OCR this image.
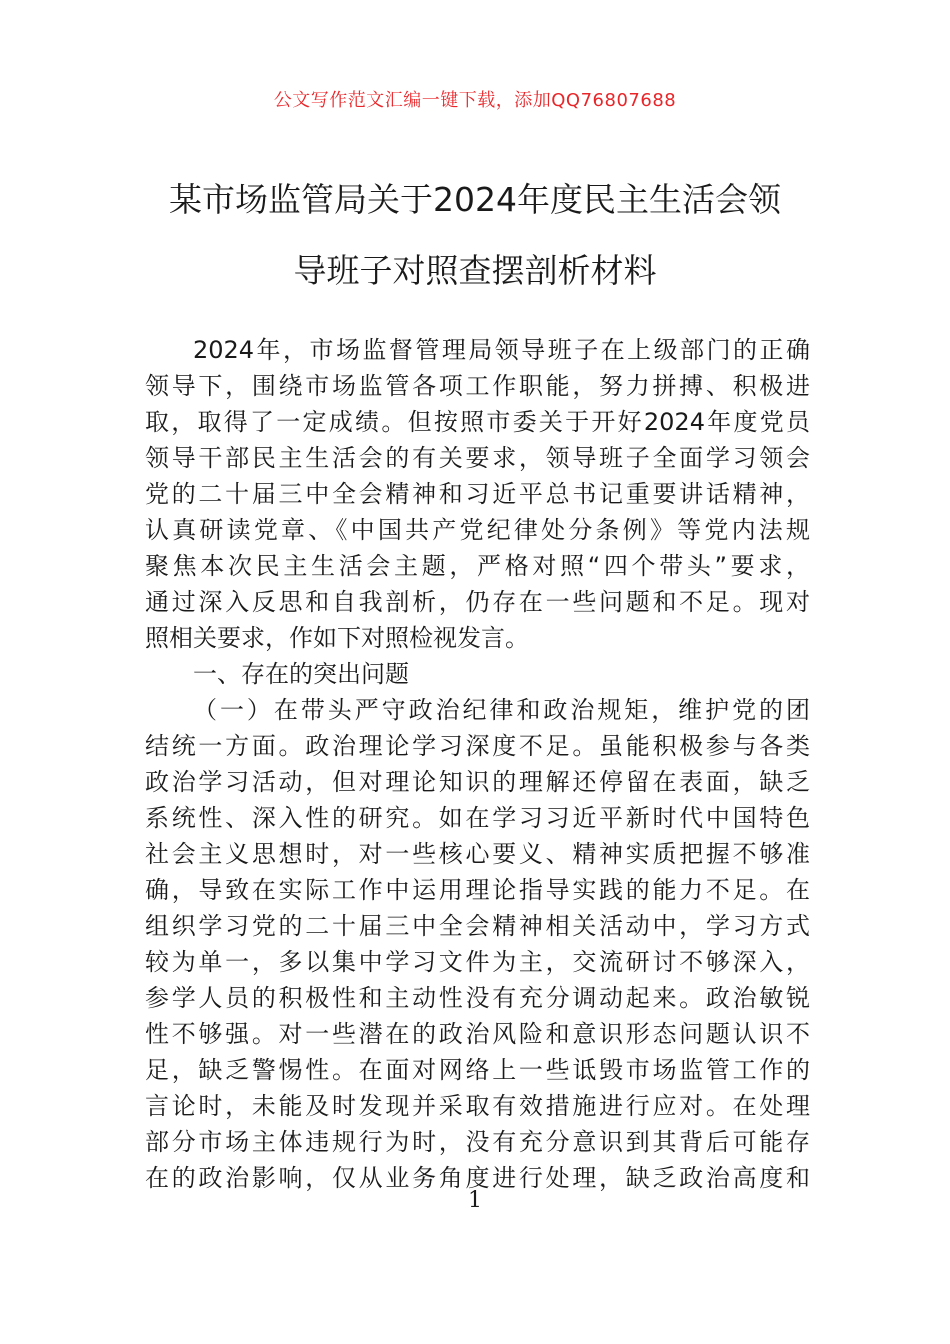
公文写作范文汇编一键下载，添加QQ76807688
某市场监管局关于2024年度民主生活会领
导班子对照查摆剖析材料
2024年，市场监督管理局领导班子在上级部门的正确
领导下，围绕市场监管各项工作职能，努力拼搏、积极进
取，取得了一定成绩。但按照市委关于开好2024年度党员
领导干部民主生活会的有关要求，领导班子全面学习领会
党的二十届三中全会精神和习近平总书记重要讲话精神，
认真研读党章、《中国共产党纪律处分条例》等党内法规
聚焦本次民主生活会主题，严格对照“四个带头”要求，
通过深入反思和自我剖析，仍存在一些问题和不足。现对
照相关要求，作如下对照检视发言。
一、存在的突出问题
（一）在带头严守政治纪律和政治规矩，维护党的团
结统一方面。政治理论学习深度不足。虽能积极参与各类
政治学习活动，但对理论知识的理解还停留在表面，缺乏
系统性、深入性的研究。如在学习习近平新时代中国特色
社会主义思想时，对一些核心要义、精神实质把握不够准
确，导致在实际工作中运用理论指导实践的能力不足。在
组织学习党的二十届三中全会精神相关活动中，学习方式
较为单一，多以集中学习文件为主，交流研讨不够深入，
参学人员的积极性和主动性没有充分调动起来。政治敏锐
性不够强。对一些潜在的政治风险和意识形态问题认识不
足，缺乏警惕性。在面对网络上一些诋毁市场监管工作的
言论时，未能及时发现并采取有效措施进行应对。在处理
部分市场主体违规行为时，没有充分意识到其背后可能存
在的政治影响，仅从业务角度进行处理，缺乏政治高度和
1
